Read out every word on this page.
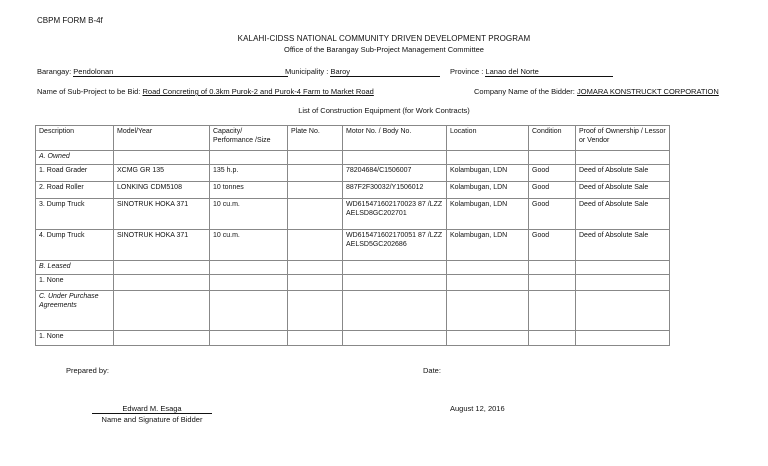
CBPM FORM B-4f
KALAHI-CIDSS NATIONAL COMMUNITY DRIVEN DEVELOPMENT PROGRAM
Office of the Barangay Sub-Project Management Committee
Barangay: Pendolonan	Municipality : Baroy	Province : Lanao del Norte
Name of Sub-Project to be Bid: Road Concreting of 0.3km Purok-2 and Purok-4 Farm to Market Road	Company Name of the Bidder: JOMARA KONSTRUCKT CORPORATION
List of Construction Equipment (for Work Contracts)
Description	Model/Year	Capacity/ Performance /Size	Plate No.	Motor No. / Body No.	Location	Condition	Proof of Ownership / Lessor or Vendor
A. Owned							
1. Road Grader	XCMG GR 135	135 h.p.		78204684/C1506007	Kolambugan, LDN	Good	Deed of Absolute Sale
2. Road Roller	LONKING CDM5108	10 tonnes		887F2F30032/Y1506012	Kolambugan, LDN	Good	Deed of Absolute Sale
3. Dump Truck	SINOTRUK HOKA 371	10 cu.m.		WD615471602170023 87 /LZZAELSD8GC202701	Kolambugan, LDN	Good	Deed of Absolute Sale
4. Dump Truck	SINOTRUK HOKA 371	10 cu.m.		WD615471602170051 87 /LZZAELSD5GC202686	Kolambugan, LDN	Good	Deed of Absolute Sale
B. Leased							
1. None							
C. Under Purchase Agreements							
1. None							
Prepared by:	Date:
Edward M. Esaga
Name and Signature of Bidder
August 12, 2016
